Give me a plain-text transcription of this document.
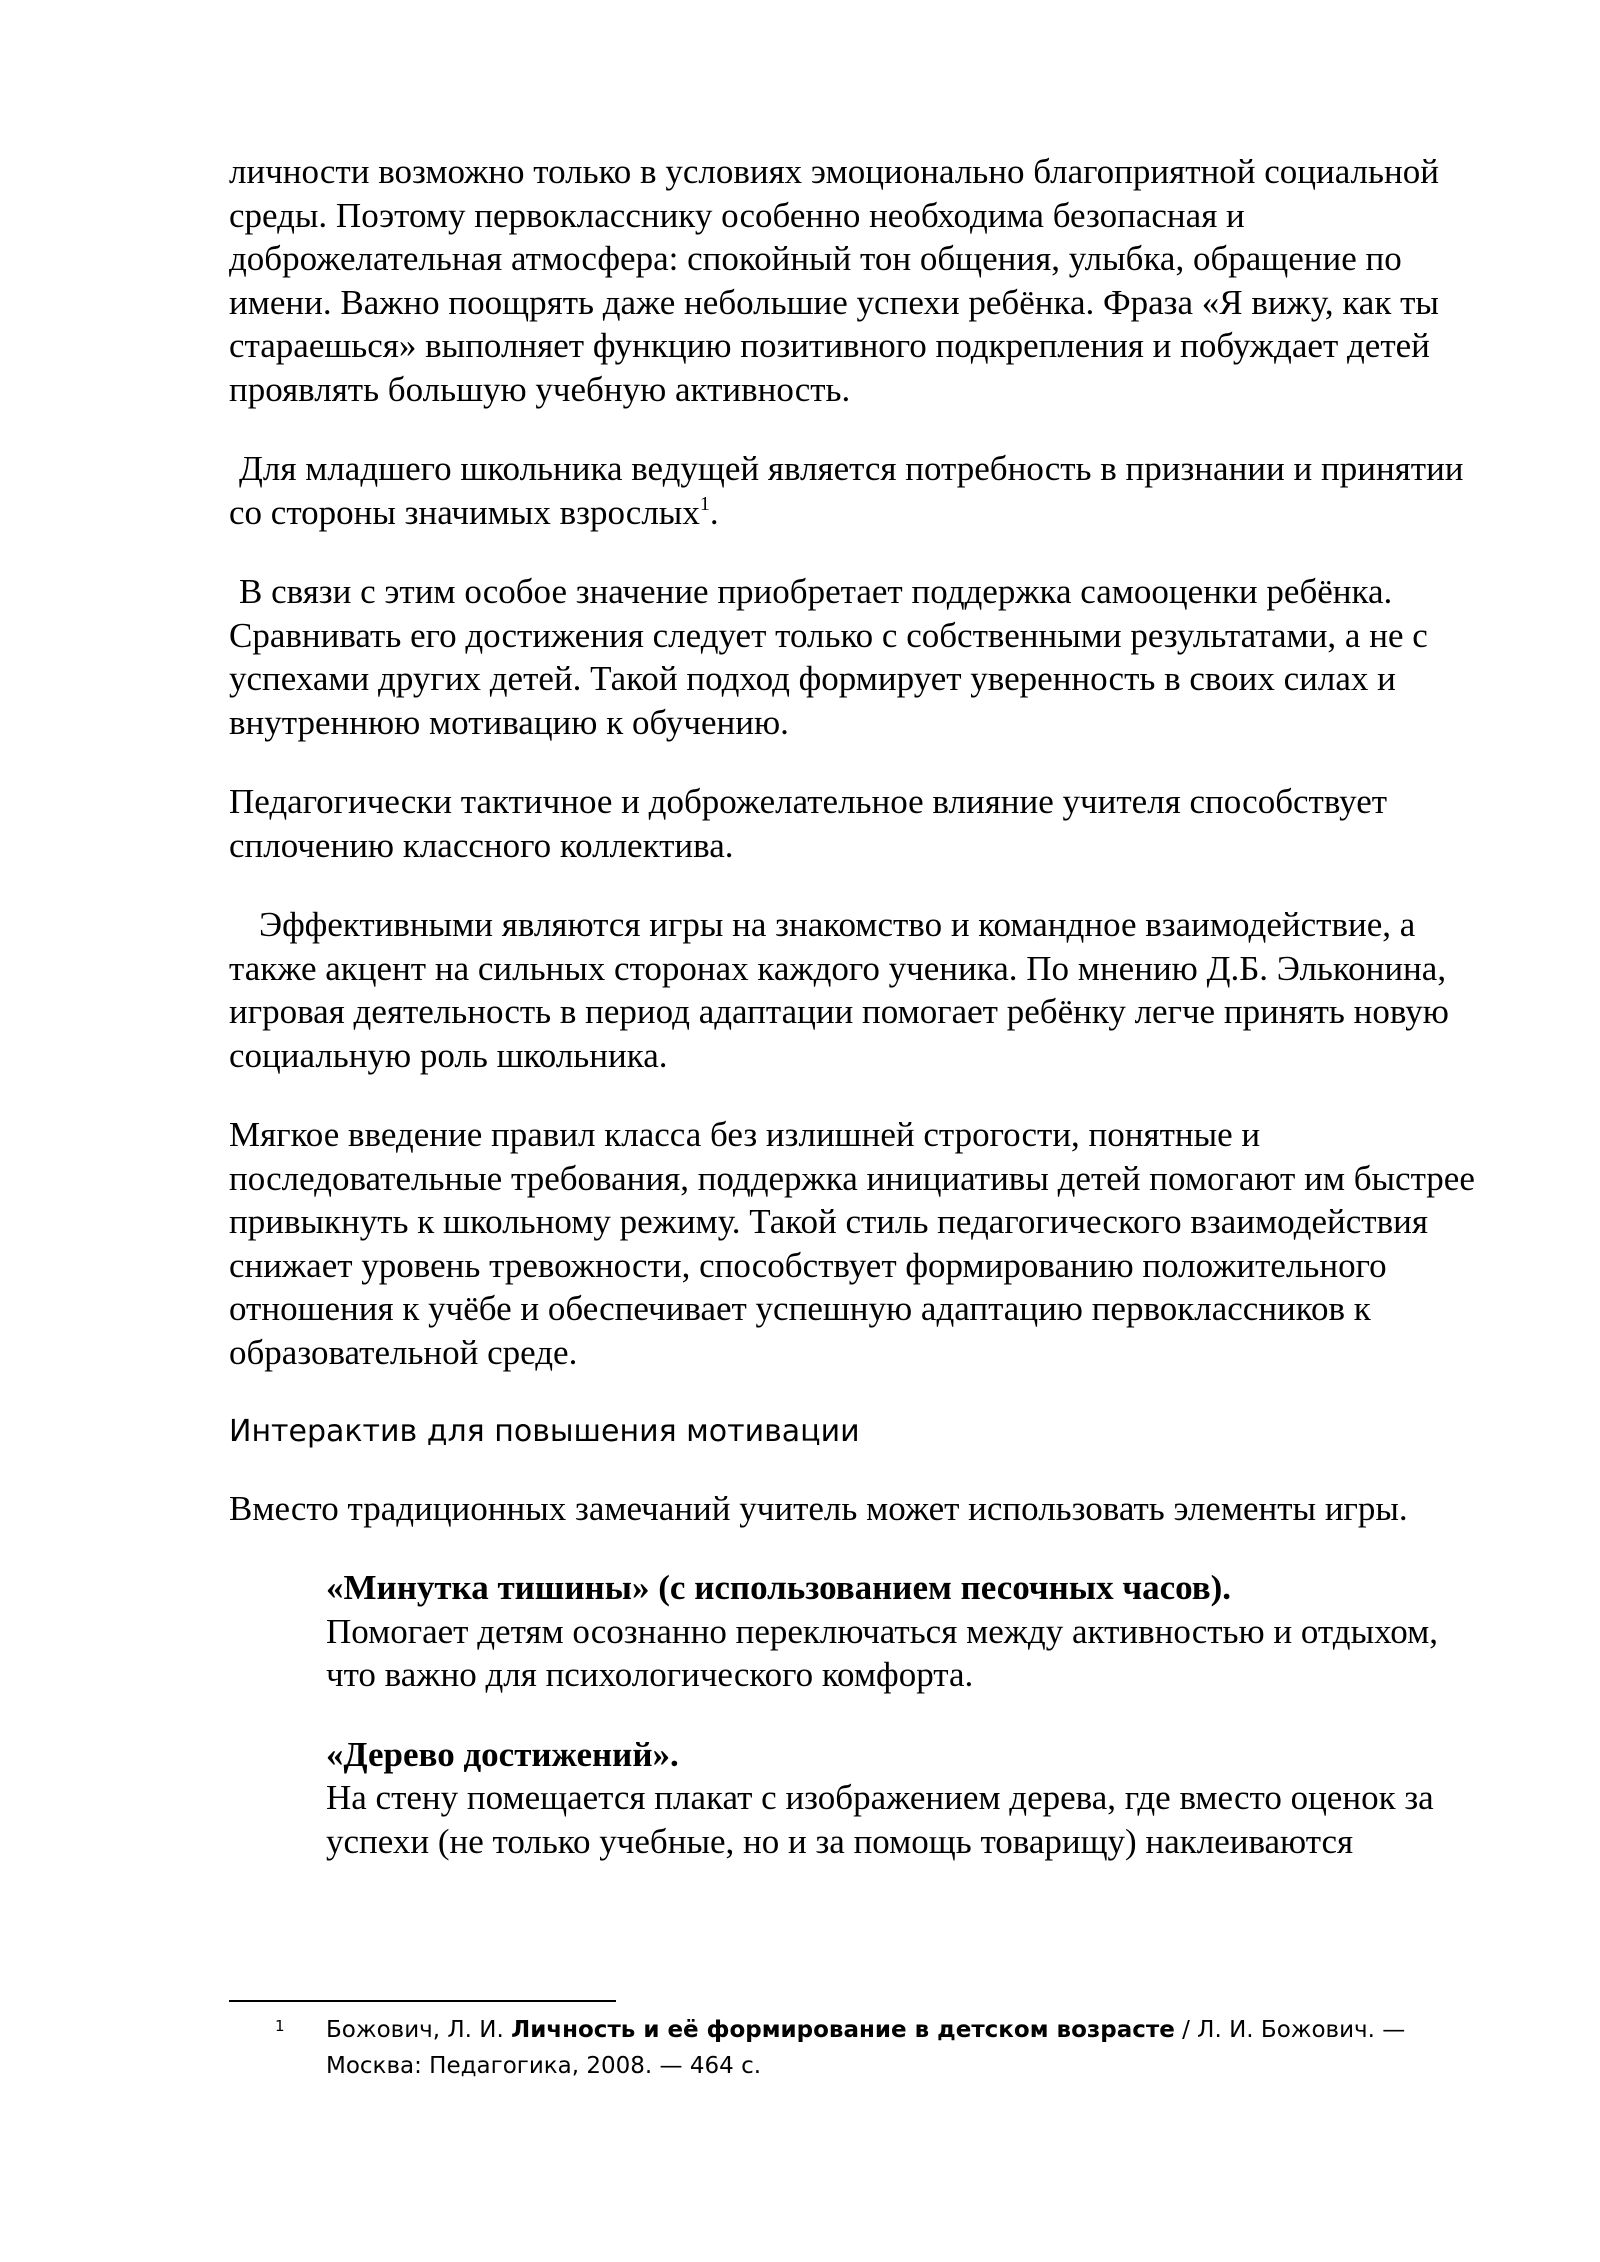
личности возможно только в условиях эмоционально благоприятной социальной среды. Поэтому первокласснику особенно необходима безопасная и доброжелательная атмосфера: спокойный тон общения, улыбка, обращение по имени. Важно поощрять даже небольшие успехи ребёнка. Фраза «Я вижу, как ты стараешься» выполняет функцию позитивного подкрепления и побуждает детей проявлять большую учебную активность.

Для младшего школьника ведущей является потребность в признании и принятии со стороны значимых взрослых$^1$.

В связи с этим особое значение приобретает поддержка самооценки ребёнка. Сравнивать его достижения следует только с собственными результатами, а не с успехами других детей. Такой подход формирует уверенность в своих силах и внутреннюю мотивацию к обучению.

Педагогически тактичное и доброжелательное влияние учителя способствует сплочению классного коллектива.

Эффективными являются игры на знакомство и командное взаимодействие, а также акцент на сильных сторонах каждого ученика. По мнению Д.Б. Эльконина, игровая деятельность в период адаптации помогает ребёнку легче принять новую социальную роль школьника.

Мягкое введение правил класса без излишней строгости, понятные и последовательные требования, поддержка инициативы детей помогают им быстрее привыкнуть к школьному режиму. Такой стиль педагогического взаимодействия снижает уровень тревожности, способствует формированию положительного отношения к учёбе и обеспечивает успешную адаптацию первоклассников к образовательной среде.

Интерактив для повышения мотивации

Вместо традиционных замечаний учитель может использовать элементы игры.

«Минутка тишины» (с использованием песочных часов).
Помогает детям осознанно переключаться между активностью и отдыхом, что важно для психологического комфорта.
«Дерево достижений».
На стену помещается плакат с изображением дерева, где вместо оценок за успехи (не только учебные, но и за помощь товарищу) наклеиваются
1 Божович, Л. И. Личность и её формирование в детском возрасте / Л. И. Божович. — Москва: Педагогика, 2008. — 464 с.
